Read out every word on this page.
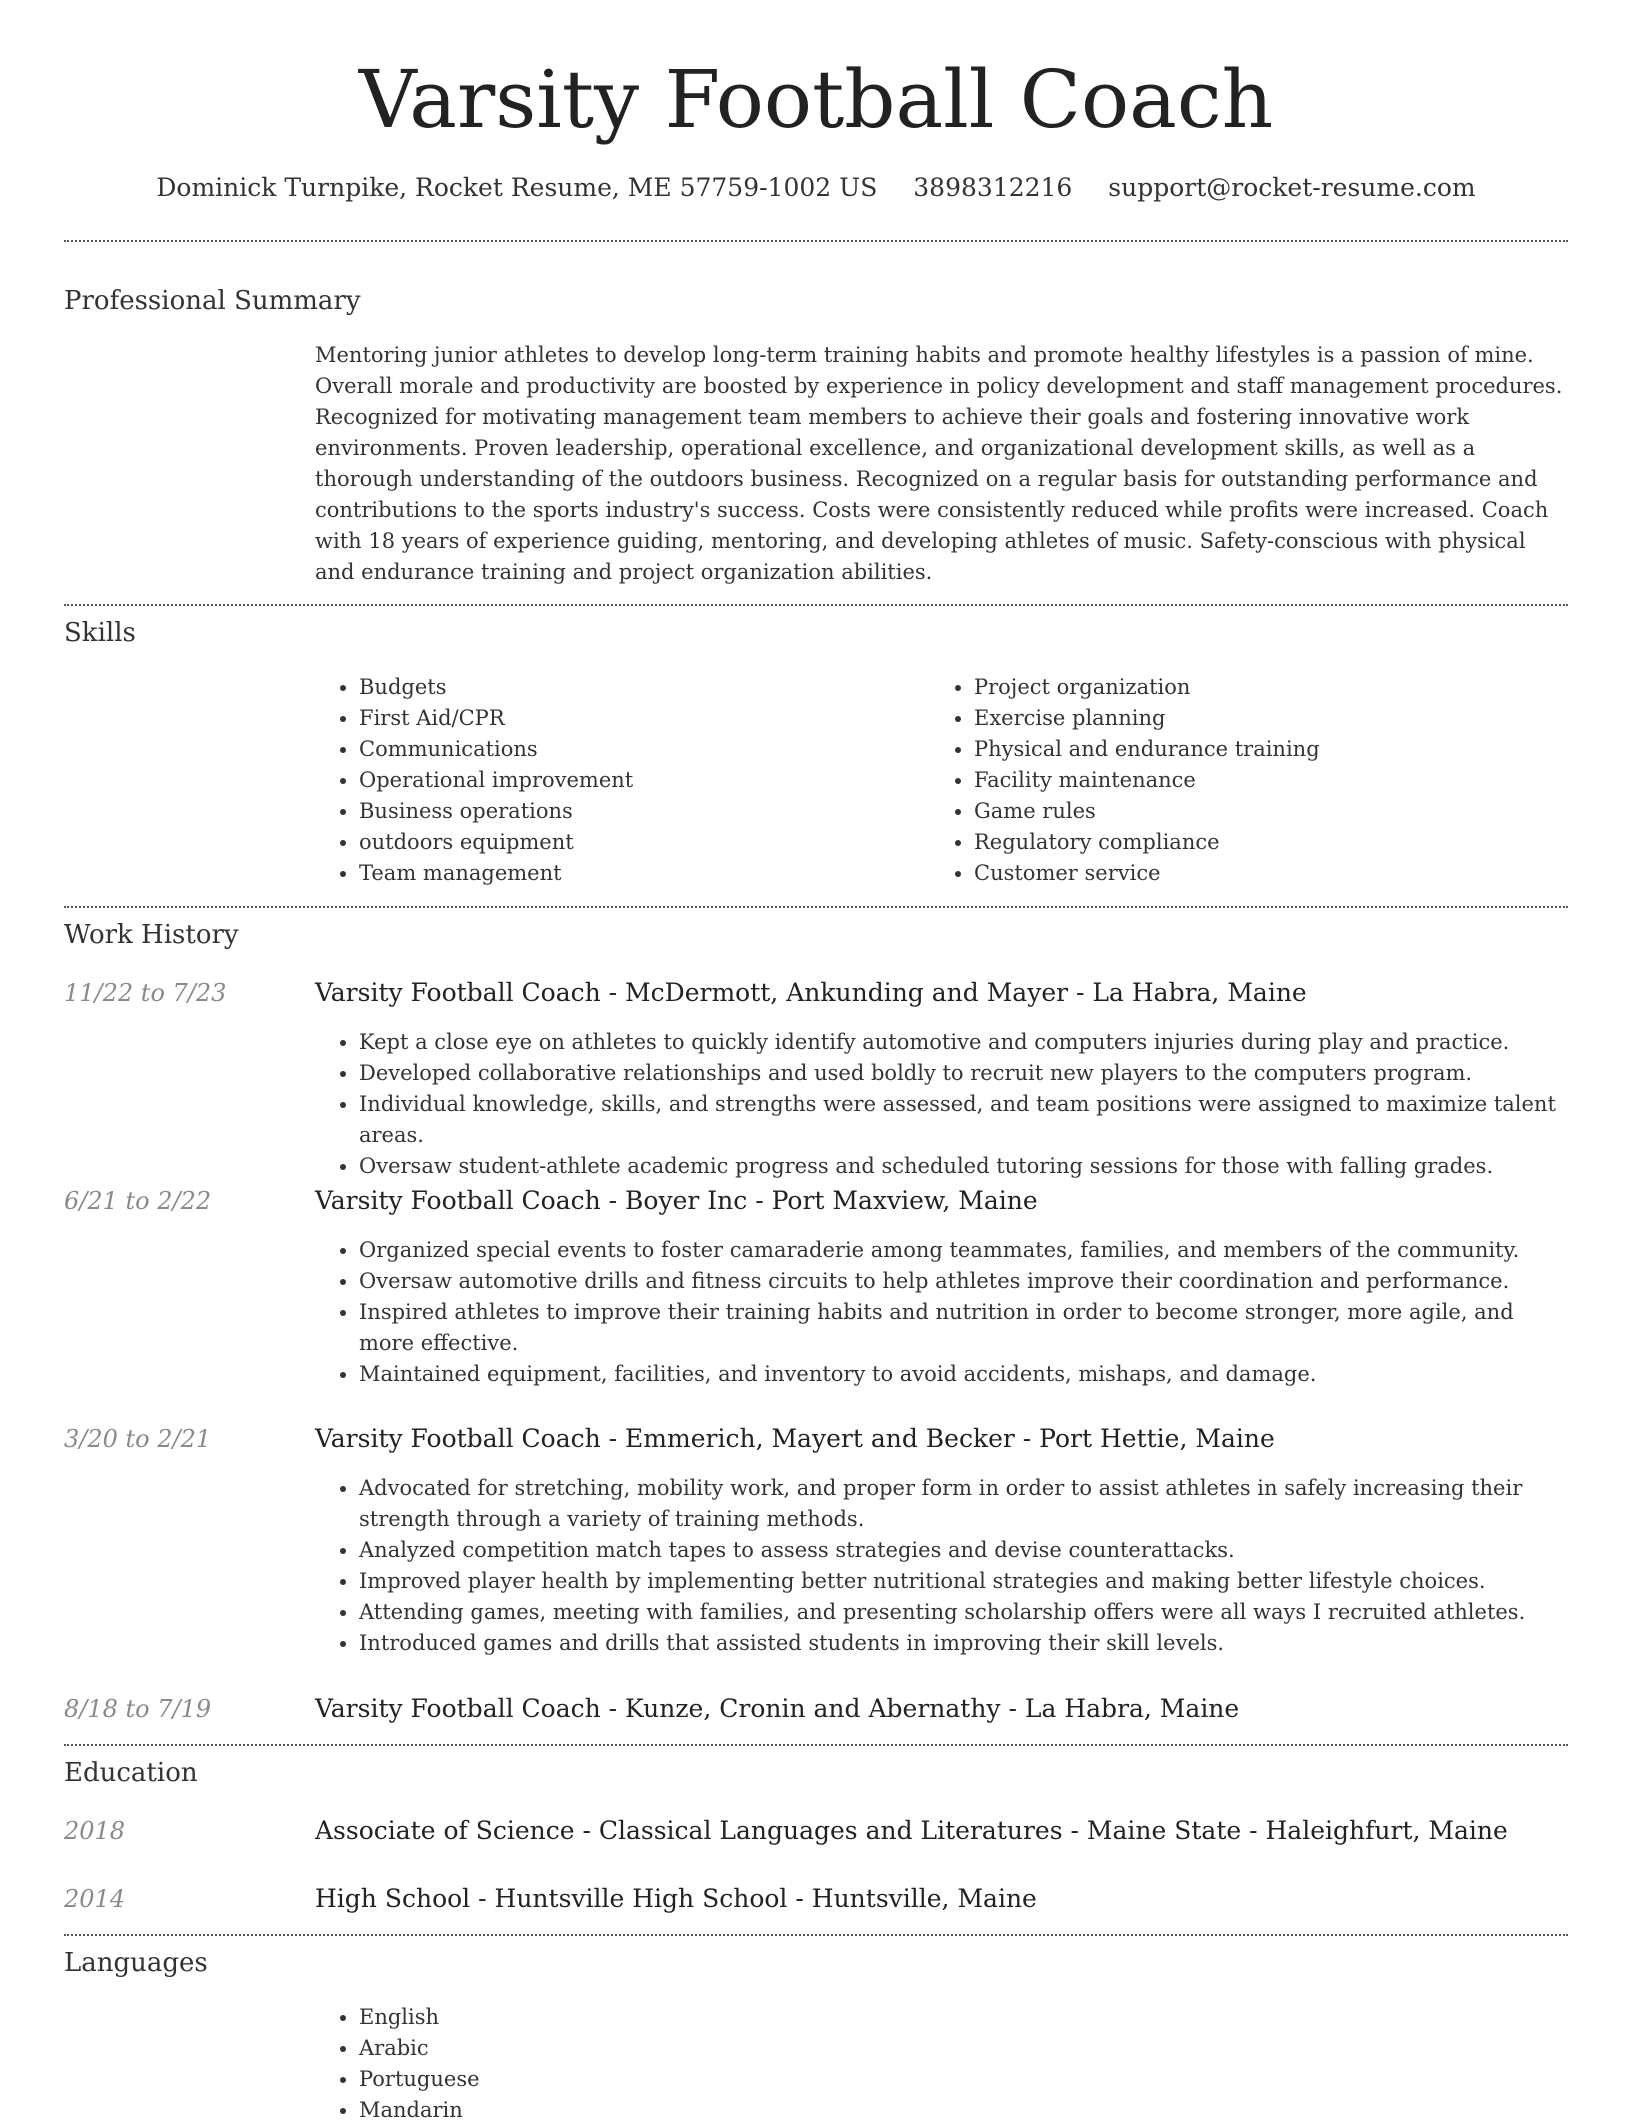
Varsity Football Coach
Dominick Turnpike, Rocket Resume, ME 57759-1002 US 3898312216 support@rocket-resume.com
Professional Summary

Mentoring junior athletes to develop long-term training habits and promote healthy lifestyles is a passion of mine. Overall morale and productivity are boosted by experience in policy development and staff management procedures. Recognized for motivating management team members to achieve their goals and fostering innovative work environments. Proven leadership, operational excellence, and organizational development skills, as well as a thorough understanding of the outdoors business. Recognized on a regular basis for outstanding performance and contributions to the sports industry's success. Costs were consistently reduced while profits were increased. Coach with 18 years of experience guiding, mentoring, and developing athletes of music. Safety-conscious with physical and endurance training and project organization abilities.

Skills
• Budgets
• First Aid/CPR
• Communications
• Operational improvement
• Business operations
• outdoors equipment
• Team management
• Project organization
• Exercise planning
• Physical and endurance training
• Facility maintenance
• Game rules
• Regulatory compliance
• Customer service
Work History
11/22 to 7/23	Varsity Football Coach - McDermott, Ankunding and Mayer - La Habra, Maine
• Kept a close eye on athletes to quickly identify automotive and computers injuries during play and practice.
• Developed collaborative relationships and used boldly to recruit new players to the computers program.
• Individual knowledge, skills, and strengths were assessed, and team positions were assigned to maximize talent areas.
• Oversaw student-athlete academic progress and scheduled tutoring sessions for those with falling grades.
6/21 to 2/22	Varsity Football Coach - Boyer Inc - Port Maxview, Maine
• Organized special events to foster camaraderie among teammates, families, and members of the community.
• Oversaw automotive drills and fitness circuits to help athletes improve their coordination and performance.
• Inspired athletes to improve their training habits and nutrition in order to become stronger, more agile, and more effective.
• Maintained equipment, facilities, and inventory to avoid accidents, mishaps, and damage.
3/20 to 2/21	Varsity Football Coach - Emmerich, Mayert and Becker - Port Hettie, Maine
• Advocated for stretching, mobility work, and proper form in order to assist athletes in safely increasing their strength through a variety of training methods.
• Analyzed competition match tapes to assess strategies and devise counterattacks.
• Improved player health by implementing better nutritional strategies and making better lifestyle choices.
• Attending games, meeting with families, and presenting scholarship offers were all ways I recruited athletes.
• Introduced games and drills that assisted students in improving their skill levels.
8/18 to 7/19	Varsity Football Coach - Kunze, Cronin and Abernathy - La Habra, Maine
Education
2018	Associate of Science - Classical Languages and Literatures - Maine State - Haleighfurt, Maine
2014	High School - Huntsville High School - Huntsville, Maine
Languages
• English
• Arabic
• Portuguese
• Mandarin
